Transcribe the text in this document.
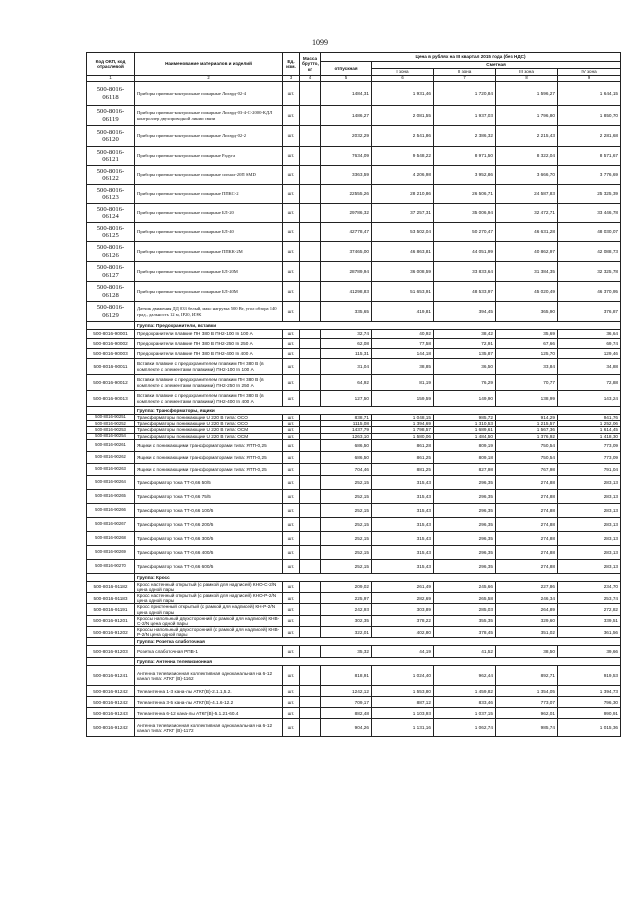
1099
Код ОКП, код отраслевой	Наименование материалов и изделий	Ед. изм.	Масса брутто, кг	Цена в рублях на III квартал 2015 года (без НДС)				
				отпускная	Сметная			
					I зона	II зона	III зона	IV зона
1	2	3	4	5	6	7	8	9
500-8016-06118	Приборы приемно-контрольные пожарные Лигард-02-4	шт.		1484,31	1 931,46	1 720,84	1 596,27	1 644,15
500-8016-06119	Приборы приемно-контрольные пожарные Лигард-03-4-С-2000-КДЛ контроллер двухпроводной линии связи	шт.		1486,27	2 081,55	1 937,03	1 796,80	1 850,70
500-8016-06120	Приборы приемно-контрольные пожарные Лигард-02-2	шт.		2032,29	2 541,86	2 386,32	2 215,43	2 281,68
500-8016-06121	Приборы приемно-контрольные пожарные Радуга	шт.		7634,09	9 548,22	8 971,50	8 322,04	8 571,67
500-8016-06122	Приборы приемно-контрольные пожарные сигнал-20П SMD	шт.		3363,59	4 206,98	3 952,86	3 666,70	3 776,69
500-8016-06123	Приборы приемно-контрольные пожарные ППКС-2	шт.		22555,26	28 210,86	26 506,71	24 587,83	25 325,39
500-8016-06124	Приборы приемно-контрольные пожарные БЛ-20	шт.		29786,32	37 257,31	35 006,94	32 472,71	33 446,78
500-8016-06125	Приборы приемно-контрольные пожарные БЛ-40	шт.		42778,47	53 502,04	50 270,47	46 631,28	48 030,07
500-8016-06126	Приборы приемно-контрольные пожарные ППКК-2М	шт.		37465,00	46 863,81	44 051,99	40 862,97	42 088,73
500-8016-06127	Приборы приемно-контрольные пожарные БЛ-20М	шт.		28789,94	36 008,59	33 833,64	31 384,35	32 325,78
500-8016-06128	Приборы приемно-контрольные пожарные БЛ-40М	шт.		41298,83	51 653,91	48 533,97	45 020,49	46 370,95
500-8016-06129	Датчик движения ДД 033 белый, макс нагрузка 500 Вт, угол обзора 140 град., дальность 12 м, IP20, ИЭК	шт.		335,65	419,81	394,45	365,90	376,87
	Группа: Предохранители, вставки							
500-8016-90001	Предохранители плавкие ПН 380 В ПН2-100 In 100 А	шт.		32,74	40,92	38,42	35,69	36,64
500-8016-90002	Предохранители плавкие ПН 380 В ПН2-250 In 250 А	шт.		62,08	77,58	72,91	67,66	69,74
500-8016-90003	Предохранители плавкие ПН 380 В ПН2-400 In 400 А	шт.		115,31	144,18	135,87	125,70	129,46
500-8016-90011	Вставки плавкие с предохранителем плавким ПН 380 В (в комплекте с элементами плавкими) ПН2-100 In 100 А	шт.		31,04	38,85	36,50	33,84	34,88
500-8016-90012	Вставки плавкие с предохранителем плавким ПН 380 В (в комплекте с элементами плавкими) ПН2-250 In 250 А	шт.		64,92	81,19	76,29	70,77	72,88
500-8016-90013	Вставки плавкие с предохранителем плавким ПН 380 В (в комплекте с элементами плавкими) ПН2-400 In 400 А	шт.		127,50	159,59	149,90	138,99	143,24
	Группа: Трансформаторы, ящики							
500-8016-90251	Трансформаторы понижающие U 220 В типа: ОСО	шт.		838,71	1 048,15	985,72	914,29	941,76
500-8016-90252	Трансформаторы понижающие U 220 В типа: ОСО	шт.		1115,08	1 394,69	1 310,53	1 215,57	1 252,06
500-8016-90253	Трансформаторы понижающие U 220 В типа: ОСМ	шт.		1437,79	1 798,57	1 689,61	1 567,36	1 614,45
500-8016-90254	Трансформаторы понижающие U 220 В типа: ОСМ	шт.		1263,10	1 580,06	1 484,50	1 376,92	1 418,30
500-8016-90261	Ящики с понижающими трансформаторами типа: ЯТП-0,25	шт.		686,50	861,28	809,19	750,54	773,09
500-8016-90262	Ящики с понижающими трансформаторами типа: ЯТП-0,25	шт.		686,50	861,25	809,18	750,54	773,09
500-8016-90263	Ящики с понижающими трансформаторами типа: ЯТП-0,25	шт.		704,46	881,25	827,98	767,98	791,04
500-8016-90264	Трансформатор тока ТТ-0,66 50/5	шт.		252,15	315,43	296,35	274,88	283,13
500-8016-90265	Трансформатор тока ТТ-0,66 75/5	шт.		252,15	315,43	296,35	274,88	283,13
500-8016-90266	Трансформатор тока ТТ-0,66 100/5	шт.		252,15	315,43	296,35	274,88	283,13
500-8016-90267	Трансформатор тока ТТ-0,66 200/5	шт.		252,15	315,43	296,35	274,88	283,13
500-8016-90268	Трансформатор тока ТТ-0,66 300/5	шт.		252,15	315,43	296,35	274,88	283,13
500-8016-90269	Трансформатор тока ТТ-0,66 400/5	шт.		252,15	315,43	296,35	274,88	283,13
500-8016-90270	Трансформатор тока ТТ-0,66 600/5	шт.		252,15	315,43	296,35	274,88	283,13
	Группа: Кросс							
500-8016-91182	Кросс настенный открытый (с рамкой для надписей) КНО-С-2/N цена одной пары	шт.		209,02	261,49	245,66	227,86	234,70
500-8016-91183	Кросс настенный открытый (с рамкой для надписей) КНО-Р-2/N цена одной пары	шт.		225,97	282,69	265,58	246,34	253,74
500-8016-91191	Кросс пристенный открытый (с рамкой для надписей) КН-Р-2/N цена одной пары	шт.		242,93	303,89	285,03	264,89	272,82
500-8016-91201	Кроссы напольный двухсторонний (с рамкой для надписей) КНВ-С-2/N цена одной пары	шт.		302,35	378,22	355,35	329,60	339,51
500-8016-91202	Кроссы напольный двухсторонний (с рамкой для надписей) КНВ-Р-2/N цена одной пары	шт.		322,01	402,80	378,45	351,02	361,56
	Группа: Розетка слаботочная							
500-8016-91203	Розетка слаботочная РПВ-1	шт.		35,32	44,19	41,52	38,50	39,66
	Группа: Антенна телевизионная							
500-8016-91241	Антенна телевизионная коллективная одноканальная на 6-12 канал типа: АТКГ (В)-1162	шт.		818,91	1 024,40	962,44	892,71	919,53
500-8016-91242	Телеантенна 1-3 кана-лы АТКГ(В)-2.1.1,5.2.	шт.		1242,12	1 553,80	1 459,82	1 354,05	1 394,73
500-8016-91242	Телеантенна 3-5 кана-лы АТКГ(В)-4.1.6-12.2	шт.		709,17	887,12	833,46	773,07	796,30
500-8016-91243	Телеантенна 6-12 кана-лы АТКГ(В)-5.1.21-60.4	шт.		882,48	1 103,93	1 037,15	962,01	990,91
500-8016-91242	Антенна телевизионная коллективная одноканальная на 6-12 канал типа: АТКГ (В)-1172	шт.		904,26	1 131,16	1 062,74	985,74	1 015,36
